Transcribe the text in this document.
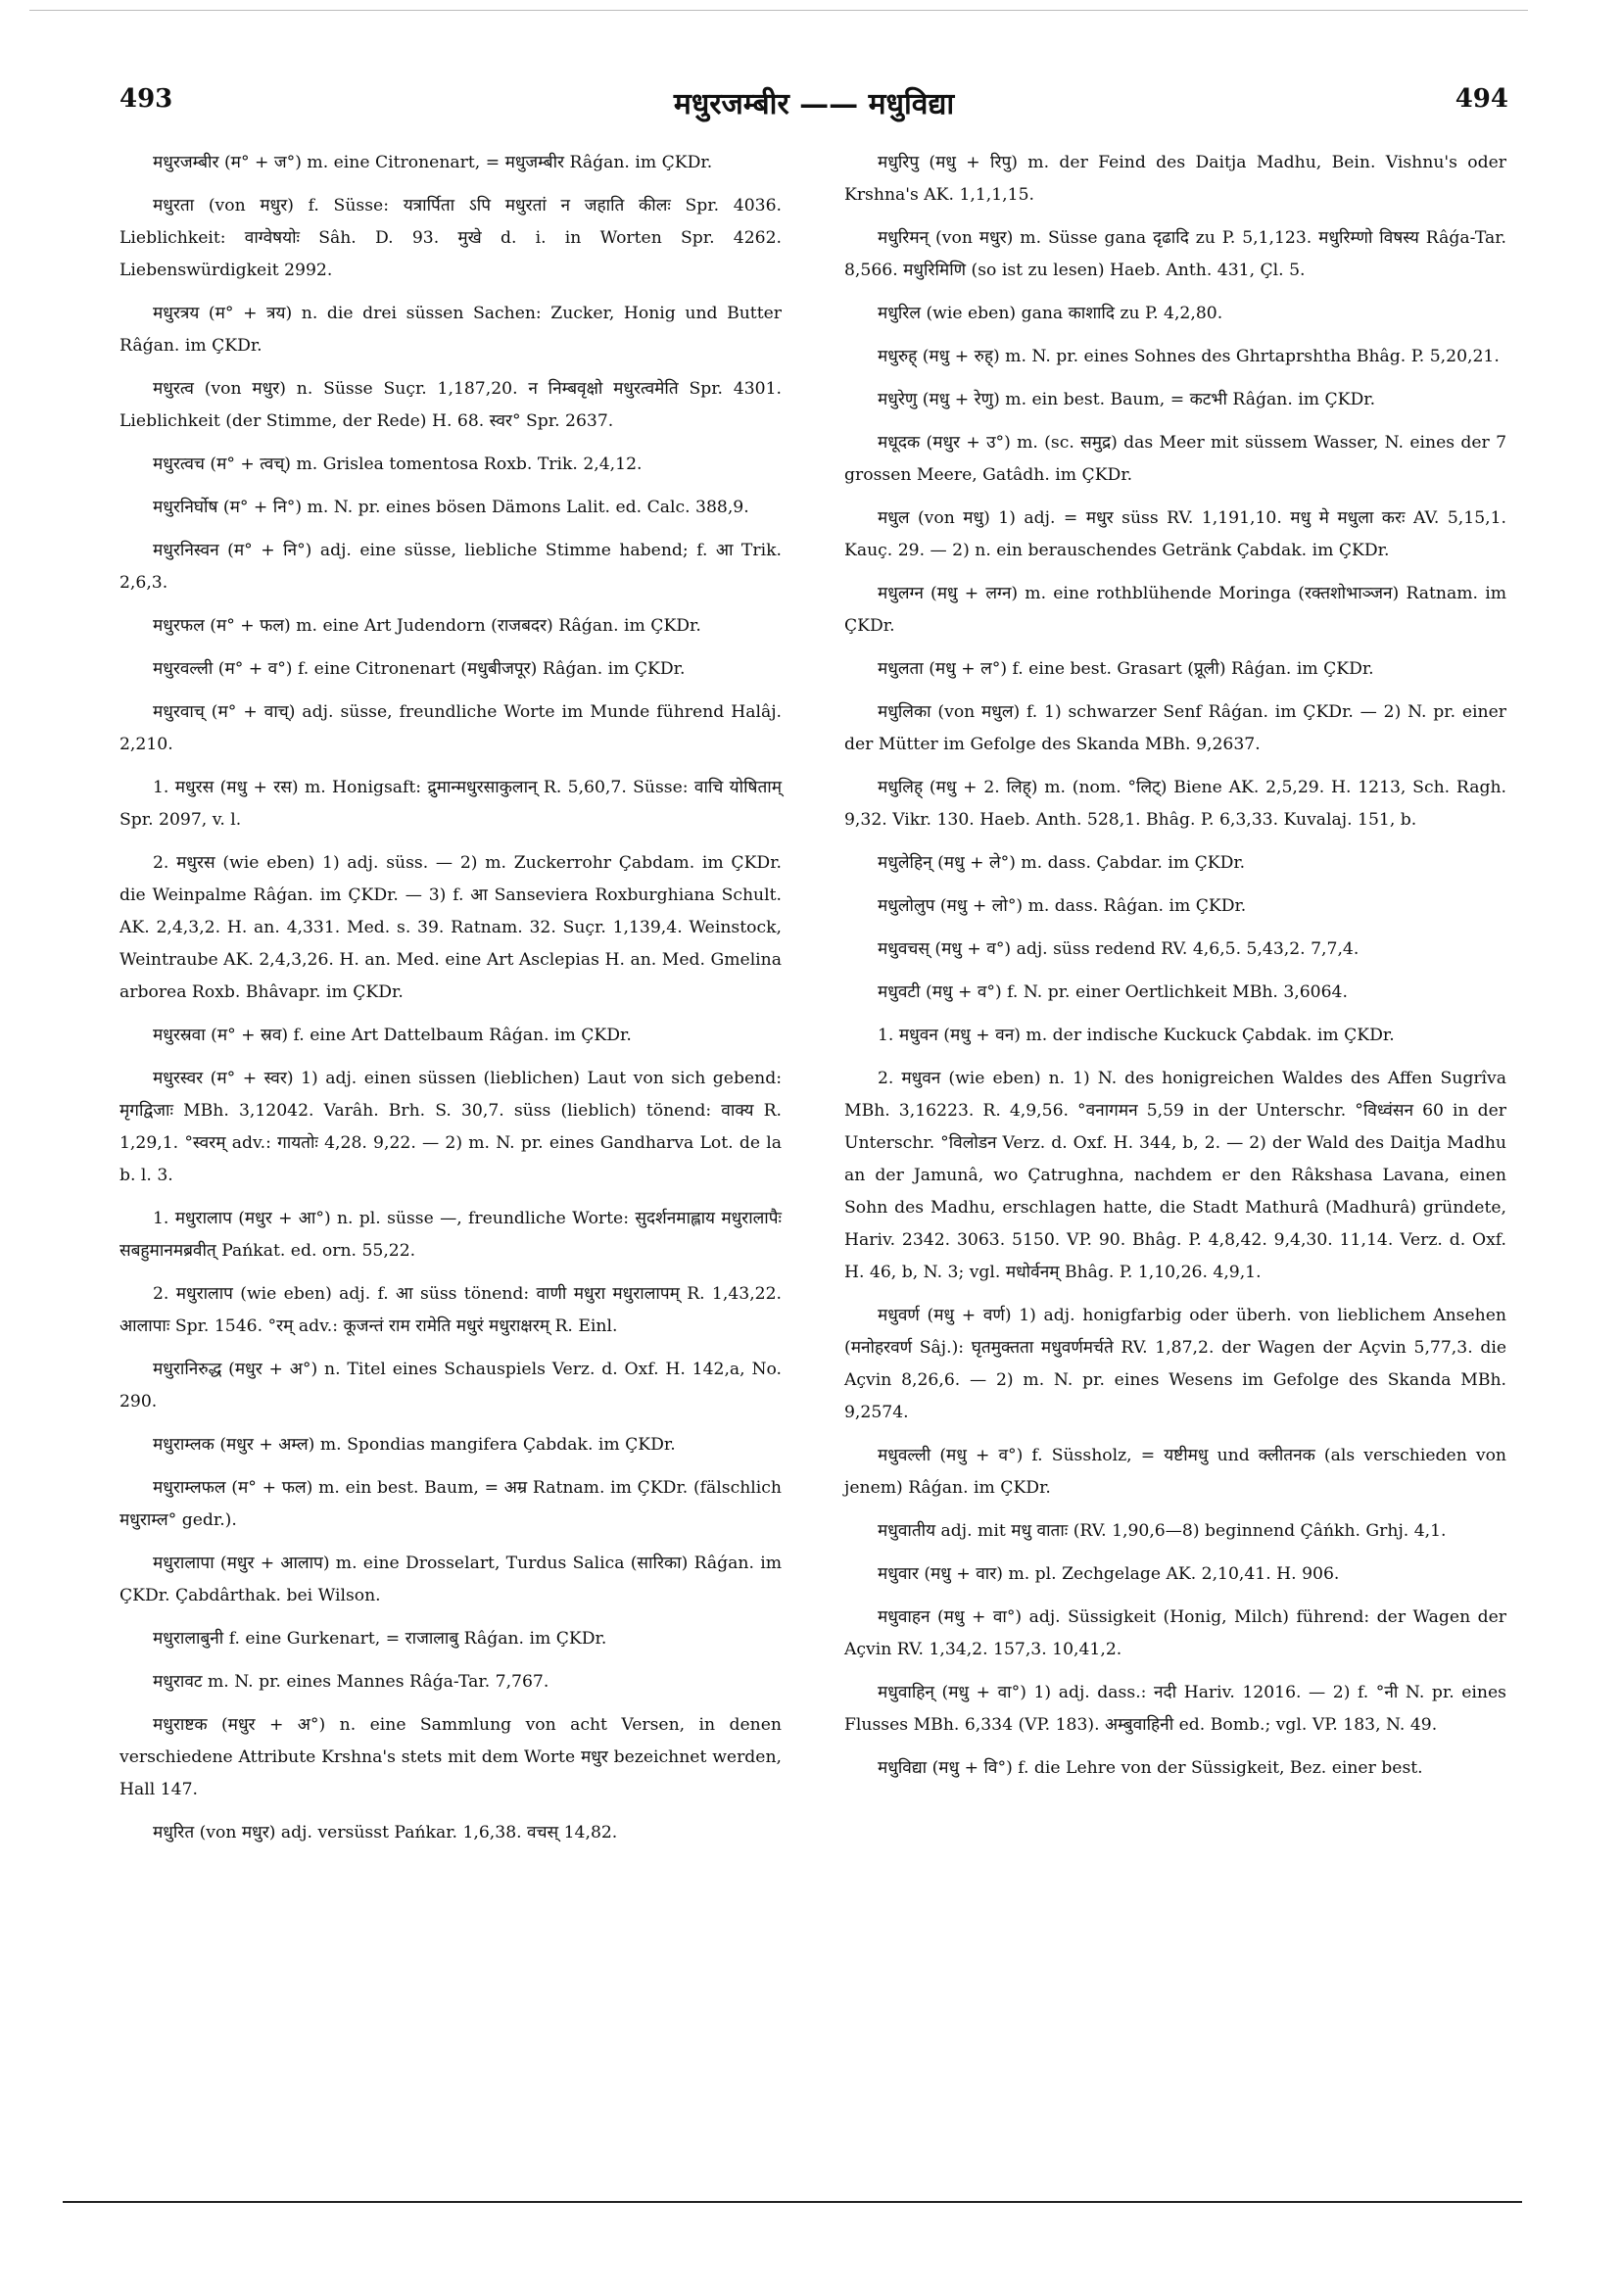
493	मधुरजम्बीर —— मधुविद्या	494

मधुरजम्बीर (म° + ज°) m. eine Citronenart, = मधुजम्बीर Râǵan. im ÇKDr.

मधुरता (von मधुर) f. Süsse: यत्रार्पिता ऽपि मधुरतां न जहाति कीलः Spr. 4036. Lieblichkeit: वाग्वेषयोः Sâh. D. 93. मुखे d. i. in Worten Spr. 4262. Liebenswürdigkeit 2992.

मधुरत्रय (म° + त्रय) n. die drei süssen Sachen: Zucker, Honig und Butter Râǵan. im ÇKDr.

मधुरत्व (von मधुर) n. Süsse Suçr. 1,187,20. न निम्बवृक्षो मधुरत्वमेति Spr. 4301. Lieblichkeit (der Stimme, der Rede) H. 68. स्वर° Spr. 2637.

मधुरत्वच (म° + त्वच्) m. Grislea tomentosa Roxb. Trik. 2,4,12.

मधुरनिर्घोष (म° + नि°) m. N. pr. eines bösen Dämons Lalit. ed. Calc. 388,9.

मधुरनिस्वन (म° + नि°) adj. eine süsse, liebliche Stimme habend; f. आ Trik. 2,6,3.

मधुरफल (म° + फल) m. eine Art Judendorn (राजबदर) Râǵan. im ÇKDr.

मधुरवल्ली (म° + व°) f. eine Citronenart (मधुबीजपूर) Râǵan. im ÇKDr.

मधुरवाच् (म° + वाच्) adj. süsse, freundliche Worte im Munde führend Halâj. 2,210.

1. मधुरस (मधु + रस) m. Honigsaft: द्रुमान्मधुरसाकुलान् R. 5,60,7. Süsse: वाचि योषिताम् Spr. 2097, v. l.

2. मधुरस (wie eben) 1) adj. süss. — 2) m. Zuckerrohr Çabdam. im ÇKDr. die Weinpalme Râǵan. im ÇKDr. — 3) f. आ Sanseviera Roxburghiana Schult. AK. 2,4,3,2. H. an. 4,331. Med. s. 39. Ratnam. 32. Suçr. 1,139,4. Weinstock, Weintraube AK. 2,4,3,26. H. an. Med. eine Art Asclepias H. an. Med. Gmelina arborea Roxb. Bhâvapr. im ÇKDr.

मधुरस्रवा (म° + स्रव) f. eine Art Dattelbaum Râǵan. im ÇKDr.

मधुरस्वर (म° + स्वर) 1) adj. einen süssen (lieblichen) Laut von sich gebend: मृगद्विजाः MBh. 3,12042. Varâh. Brh. S. 30,7. süss (lieblich) tönend: वाक्य R. 1,29,1. °स्वरम् adv.: गायतोः 4,28. 9,22. — 2) m. N. pr. eines Gandharva Lot. de la b. l. 3.

1. मधुरालाप (मधुर + आ°) n. pl. süsse —, freundliche Worte: सुदर्शनमाह्लाय मधुरालापैः सबहुमानमब्रवीत् Pańkat. ed. orn. 55,22.

2. मधुरालाप (wie eben) adj. f. आ süss tönend: वाणी मधुरा मधुरालापम् R. 1,43,22. आलापाः Spr. 1546. °रम् adv.: कूजन्तं राम रामेति मधुरं मधुराक्षरम् R. Einl.

मधुरानिरुद्ध (मधुर + अ°) n. Titel eines Schauspiels Verz. d. Oxf. H. 142,a, No. 290.

मधुराम्लक (मधुर + अम्ल) m. Spondias mangifera Çabdak. im ÇKDr.

मधुराम्लफल (म° + फल) m. ein best. Baum, = अम्र Ratnam. im ÇKDr. (fälschlich मधुराम्ल° gedr.).

मधुरालापा (मधुर + आलाप) m. eine Drosselart, Turdus Salica (सारिका) Râǵan. im ÇKDr. Çabdârthak. bei Wilson.

मधुरालाबुनी f. eine Gurkenart, = राजालाबु Râǵan. im ÇKDr.

मधुरावट m. N. pr. eines Mannes Râǵa-Tar. 7,767.

मधुराष्टक (मधुर + अ°) n. eine Sammlung von acht Versen, in denen verschiedene Attribute Krshna's stets mit dem Worte मधुर bezeichnet werden, Hall 147.

मधुरित (von मधुर) adj. versüsst Pańkar. 1,6,38. वचस् 14,82.

मधुरिपु (मधु + रिपु) m. der Feind des Daitja Madhu, Bein. Vishnu's oder Krshna's AK. 1,1,1,15.

मधुरिमन् (von मधुर) m. Süsse gana दृढादि zu P. 5,1,123. मधुरिम्णो विषस्य Râǵa-Tar. 8,566. मधुरिमिणि (so ist zu lesen) Haeb. Anth. 431, Çl. 5.

मधुरिल (wie eben) gana काशादि zu P. 4,2,80.

मधुरुह् (मधु + रुह्) m. N. pr. eines Sohnes des Ghrtaprshtha Bhâg. P. 5,20,21.

मधुरेणु (मधु + रेणु) m. ein best. Baum, = कटभी Râǵan. im ÇKDr.

मधूदक (मधुर + उ°) m. (sc. समुद्र) das Meer mit süssem Wasser, N. eines der 7 grossen Meere, Gatâdh. im ÇKDr.

मधुल (von मधु) 1) adj. = मधुर süss RV. 1,191,10. मधु मे मधुला करः AV. 5,15,1. Kauç. 29. — 2) n. ein berauschendes Getränk Çabdak. im ÇKDr.

मधुलग्न (मधु + लग्न) m. eine rothblühende Moringa (रक्तशोभाञ्जन) Ratnam. im ÇKDr.

मधुलता (मधु + ल°) f. eine best. Grasart (प्रूली) Râǵan. im ÇKDr.

मधुलिका (von मधुल) f. 1) schwarzer Senf Râǵan. im ÇKDr. — 2) N. pr. einer der Mütter im Gefolge des Skanda MBh. 9,2637.

मधुलिह् (मधु + 2. लिह्) m. (nom. °लिट्) Biene AK. 2,5,29. H. 1213, Sch. Ragh. 9,32. Vikr. 130. Haeb. Anth. 528,1. Bhâg. P. 6,3,33. Kuvalaj. 151, b.

मधुलेहिन् (मधु + ले°) m. dass. Çabdar. im ÇKDr.

मधुलोलुप (मधु + लो°) m. dass. Râǵan. im ÇKDr.

मधुवचस् (मधु + व°) adj. süss redend RV. 4,6,5. 5,43,2. 7,7,4.

मधुवटी (मधु + व°) f. N. pr. einer Oertlichkeit MBh. 3,6064.

1. मधुवन (मधु + वन) m. der indische Kuckuck Çabdak. im ÇKDr.

2. मधुवन (wie eben) n. 1) N. des honigreichen Waldes des Affen Sugrîva MBh. 3,16223. R. 4,9,56. °वनागमन 5,59 in der Unterschr. °विध्वंसन 60 in der Unterschr. °विलोडन Verz. d. Oxf. H. 344, b, 2. — 2) der Wald des Daitja Madhu an der Jamunâ, wo Çatrughna, nachdem er den Râkshasa Lavana, einen Sohn des Madhu, erschlagen hatte, die Stadt Mathurâ (Madhurâ) gründete, Hariv. 2342. 3063. 5150. VP. 90. Bhâg. P. 4,8,42. 9,4,30. 11,14. Verz. d. Oxf. H. 46, b, N. 3; vgl. मधोर्वनम् Bhâg. P. 1,10,26. 4,9,1.

मधुवर्ण (मधु + वर्ण) 1) adj. honigfarbig oder überh. von lieblichem Ansehen (मनोहरवर्ण Sâj.): घृतमुक्तता मधुवर्णमर्चते RV. 1,87,2. der Wagen der Açvin 5,77,3. die Açvin 8,26,6. — 2) m. N. pr. eines Wesens im Gefolge des Skanda MBh. 9,2574.

मधुवल्ली (मधु + व°) f. Süssholz, = यष्टीमधु und क्लीतनक (als verschieden von jenem) Râǵan. im ÇKDr.

मधुवातीय adj. mit मधु वाताः (RV. 1,90,6—8) beginnend Çâńkh. Grhj. 4,1.

मधुवार (मधु + वार) m. pl. Zechgelage AK. 2,10,41. H. 906.

मधुवाहन (मधु + वा°) adj. Süssigkeit (Honig, Milch) führend: der Wagen der Açvin RV. 1,34,2. 157,3. 10,41,2.

मधुवाहिन् (मधु + वा°) 1) adj. dass.: नदी Hariv. 12016. — 2) f. °नी N. pr. eines Flusses MBh. 6,334 (VP. 183). अम्बुवाहिनी ed. Bomb.; vgl. VP. 183, N. 49.

मधुविद्या (मधु + वि°) f. die Lehre von der Süssigkeit, Bez. einer best.
